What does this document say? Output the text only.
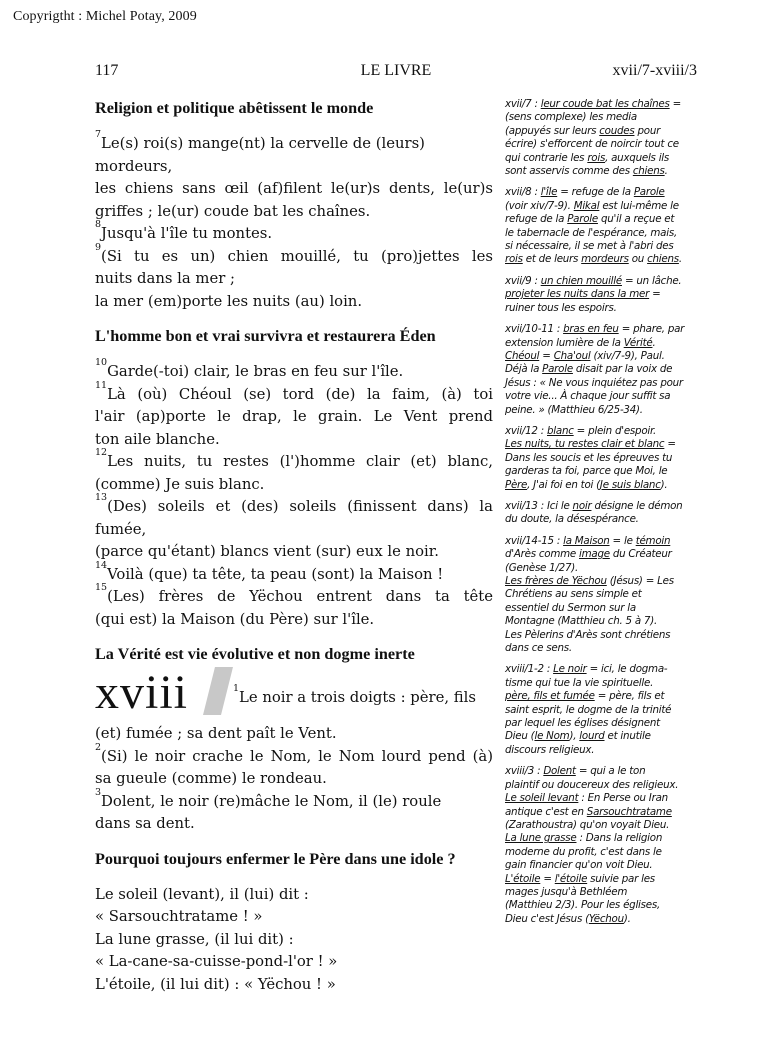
Copyrigtht : Michel Potay, 2009
117	LE LIVRE	xvii/7-xviii/3
Religion et politique abêtissent le monde
$^7$Le(s) roi(s) mange(nt) la cervelle de (leurs)
mordeurs,
les chiens sans œil (af)filent le(ur)s dents, le(ur)s
griffes ; le(ur) coude bat les chaînes.
$^8$Jusqu'à l'île tu montes.
$^9$(Si tu es un) chien mouillé, tu (pro)jettes les
nuits dans la mer ;
la mer (em)porte les nuits (au) loin.
L'homme bon et vrai survivra et restaurera Éden
$^{10}$Garde(-toi) clair, le bras en feu sur l'île.
$^{11}$Là (où) Chéoul (se) tord (de) la faim, (à) toi
l'air (ap)porte le drap, le grain. Le Vent prend
ton aile blanche.
$^{12}$Les nuits, tu restes (l')homme clair (et) blanc,
(comme) Je suis blanc.
$^{13}$(Des) soleils et (des) soleils (finissent dans) la
fumée,
(parce qu'étant) blancs vient (sur) eux le noir.
$^{14}$Voilà (que) ta tête, ta peau (sont) la Maison !
$^{15}$(Les) frères de Yëchou entrent dans ta tête
(qui est) la Maison (du Père) sur l'île.
La Vérité est vie évolutive et non dogme inerte
xviii	$^1$Le noir a trois doigts : père, fils
(et) fumée ; sa dent paît le Vent.
$^2$(Si) le noir crache le Nom, le Nom lourd pend (à)
sa gueule (comme) le rondeau.
$^3$Dolent, le noir (re)mâche le Nom, il (le) roule
dans sa dent.
Pourquoi toujours enfermer le Père dans une idole ?
Le soleil (levant), il (lui) dit :
« Sarsouchtratame ! »
La lune grasse, (il lui dit) :
« La-cane-sa-cuisse-pond-l'or ! »
L'étoile, (il lui dit) : « Yëchou ! »
xvii/7 : leur coude bat les chaînes =
(sens complexe) les media
(appuyés sur leurs coudes pour
écrire) s'efforcent de noircir tout ce
qui contrarie les rois, auxquels ils
sont asservis comme des chiens.
xvii/8 : l'île = refuge de la Parole
(voir xiv/7-9). Mikal est lui-même le
refuge de la Parole qu'il a reçue et
le tabernacle de l'espérance, mais,
si nécessaire, il se met à l'abri des
rois et de leurs mordeurs ou chiens.
xvii/9 : un chien mouillé = un lâche.
projeter les nuits dans la mer =
ruiner tous les espoirs.
xvii/10-11 : bras en feu = phare, par
extension lumière de la Vérité.
Chéoul = Cha'oul (xiv/7-9), Paul.
Déjà la Parole disait par la voix de
Jésus : « Ne vous inquiétez pas pour
votre vie... À chaque jour suffit sa
peine. » (Matthieu 6/25-34).
xvii/12 : blanc = plein d'espoir.
Les nuits, tu restes clair et blanc =
Dans les soucis et les épreuves tu
garderas ta foi, parce que Moi, le
Père, J'ai foi en toi (Je suis blanc).
xvii/13 : Ici le noir désigne le démon
du doute, la désespérance.
xvii/14-15 : la Maison = le témoin
d'Arès comme image du Créateur
(Genèse 1/27).
Les frères de Yëchou (Jésus) = Les
Chrétiens au sens simple et
essentiel du Sermon sur la
Montagne (Matthieu ch. 5 à 7).
Les Pèlerins d'Arès sont chrétiens
dans ce sens.
xviii/1-2 : Le noir = ici, le dogma-
tisme qui tue la vie spirituelle.
père, fils et fumée = père, fils et
saint esprit, le dogme de la trinité
par lequel les églises désignent
Dieu (le Nom), lourd et inutile
discours religieux.
xviii/3 : Dolent = qui a le ton
plaintif ou doucereux des religieux.
Le soleil levant : En Perse ou Iran
antique c'est en Sarsouchtratame
(Zarathoustra) qu'on voyait Dieu.
La lune grasse : Dans la religion
moderne du profit, c'est dans le
gain financier qu'on voit Dieu.
L'étoile = l'étoile suivie par les
mages jusqu'à Bethléem
(Matthieu 2/3). Pour les églises,
Dieu c'est Jésus (Yëchou).
